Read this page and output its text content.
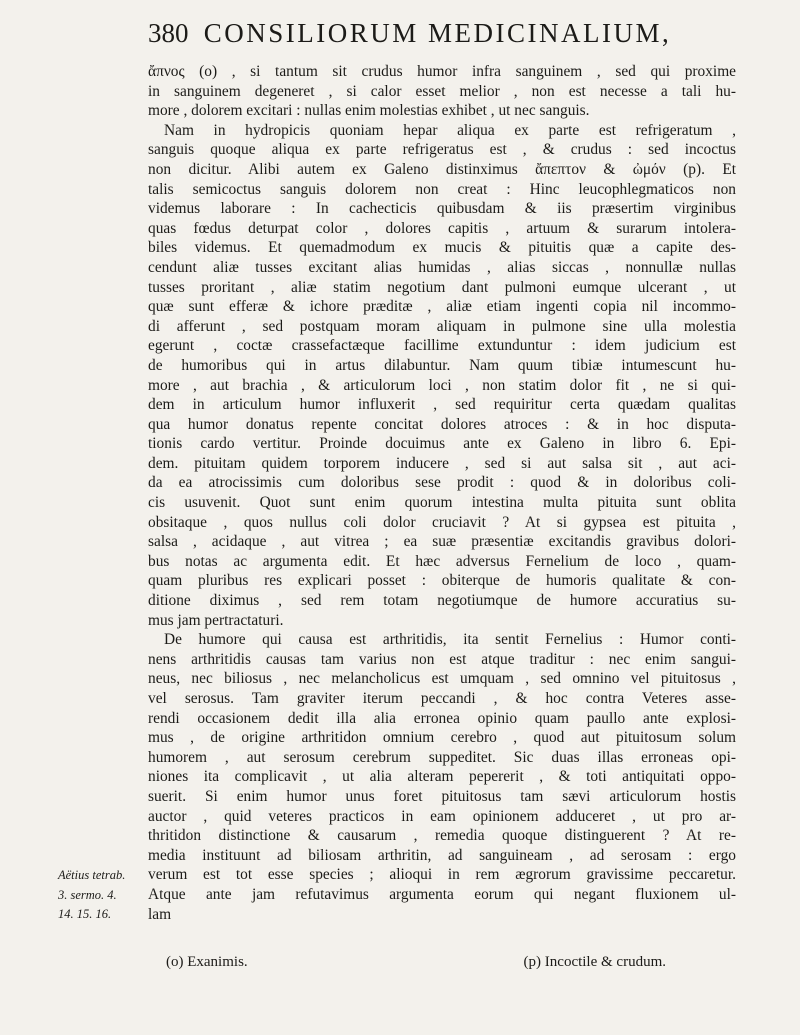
380 CONSILIORUM MEDICINALIUM,
ἄπνος (o) , si tantum sit crudus humor infra sanguinem , sed qui proxime
in sanguinem degeneret , si calor esset melior , non est necesse a tali hu-
more , dolorem excitari : nullas enim molestias exhibet , ut nec sanguis.
Nam in hydropicis quoniam hepar aliqua ex parte est refrigeratum ,
sanguis quoque aliqua ex parte refrigeratus est , & crudus : sed incoctus
non dicitur. Alibi autem ex Galeno distinximus ἄπεπτον & ὠμόν (p). Et
talis semicoctus sanguis dolorem non creat : Hinc leucophlegmaticos non
videmus laborare : In cachecticis quibusdam & iis præsertim virginibus
quas fœdus deturpat color , dolores capitis , artuum & surarum intolera-
biles videmus. Et quemadmodum ex mucis & pituitis quæ a capite des-
cendunt aliæ tusses excitant alias humidas , alias siccas , nonnullæ nullas
tusses proritant , aliæ statim negotium dant pulmoni eumque ulcerant , ut
quæ sunt efferæ & ichore præditæ , aliæ etiam ingenti copia nil incommo-
di afferunt , sed postquam moram aliquam in pulmone sine ulla molestia
egerunt , coctæ crassefactæque facillime extunduntur : idem judicium est
de humoribus qui in artus dilabuntur. Nam quum tibiæ intumescunt hu-
more , aut brachia , & articulorum loci , non statim dolor fit , ne si qui-
dem in articulum humor influxerit , sed requiritur certa quædam qualitas
qua humor donatus repente concitat dolores atroces : & in hoc disputa-
tionis cardo vertitur. Proinde docuimus ante ex Galeno in libro 6. Epi-
dem. pituitam quidem torporem inducere , sed si aut salsa sit , aut aci-
da ea atrocissimis cum doloribus sese prodit : quod & in doloribus coli-
cis usuvenit. Quot sunt enim quorum intestina multa pituita sunt oblita
obsitaque , quos nullus coli dolor cruciavit ? At si gypsea est pituita ,
salsa , acidaque , aut vitrea ; ea suæ præsentiæ excitandis gravibus dolori-
bus notas ac argumenta edit. Et hæc adversus Fernelium de loco , quam-
quam pluribus res explicari posset : obiterque de humoris qualitate & con-
ditione diximus , sed rem totam negotiumque de humore accuratius su-
mus jam pertractaturi.
De humore qui causa est arthritidis, ita sentit Fernelius : Humor conti-
nens arthritidis causas tam varius non est atque traditur : nec enim sangui-
neus, nec biliosus , nec melancholicus est umquam , sed omnino vel pituitosus ,
vel serosus. Tam graviter iterum peccandi , & hoc contra Veteres asse-
rendi occasionem dedit illa alia erronea opinio quam paullo ante explosi-
mus , de origine arthritidon omnium cerebro , quod aut pituitosum solum
humorem , aut serosum cerebrum suppeditet. Sic duas illas erroneas opi-
niones ita complicavit , ut alia alteram pepererit , & toti antiquitati oppo-
suerit. Si enim humor unus foret pituitosus tam sævi articulorum hostis
auctor , quid veteres practicos in eam opinionem adduceret , ut pro ar-
thritidon distinctione & causarum , remedia quoque distinguerent ? At re-
media instituunt ad biliosam arthritin, ad sanguineam , ad serosam : ergo
verum est tot esse species ; alioqui in rem ægrorum gravissime peccaretur.
Atque ante jam refutavimus argumenta eorum qui negant fluxionem ul-
lam
Aëtius tetrab.
3. sermo. 4.
14. 15. 16.
(o) Exanimis.	(p) Incoctile & crudum.
